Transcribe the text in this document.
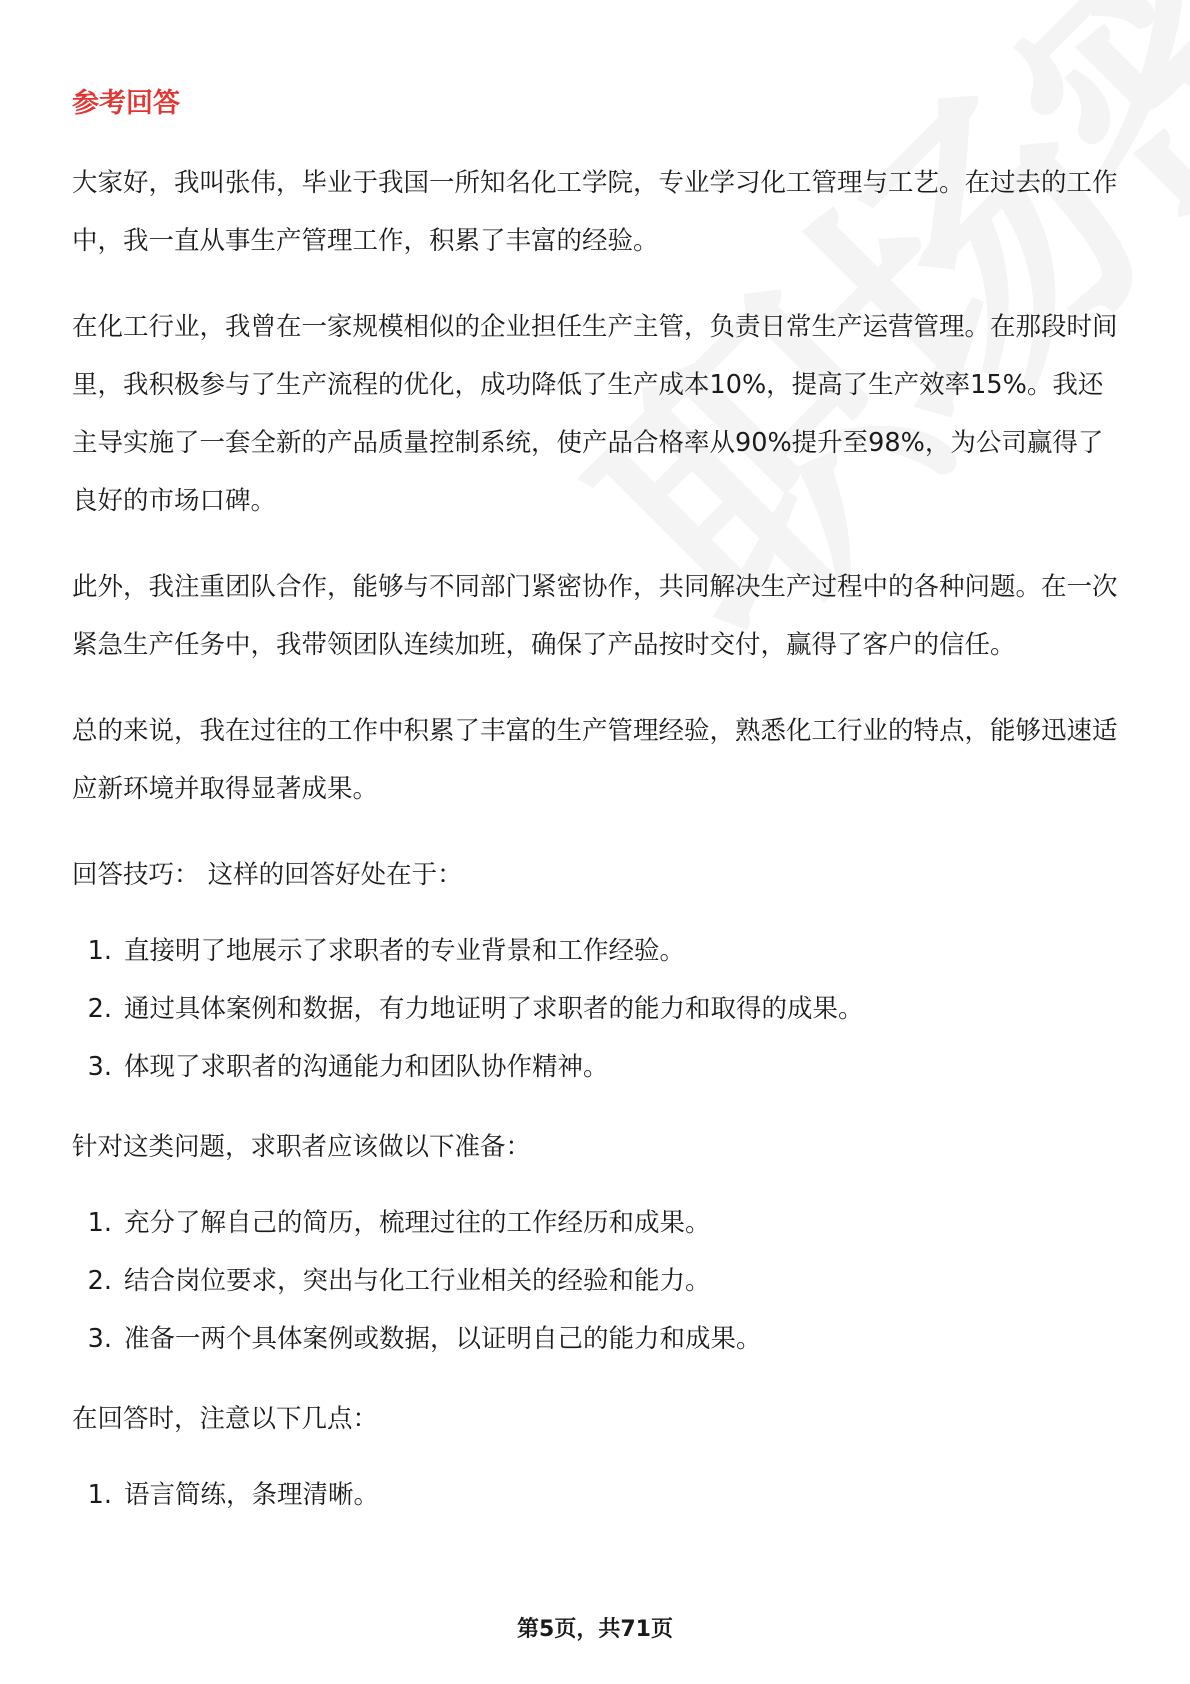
参考回答

大家好，我叫张伟，毕业于我国一所知名化工学院，专业学习化工管理与工艺。在过去的工作中，我一直从事生产管理工作，积累了丰富的经验。

在化工行业，我曾在一家规模相似的企业担任生产主管，负责日常生产运营管理。在那段时间里，我积极参与了生产流程的优化，成功降低了生产成本10%，提高了生产效率15%。我还主导实施了一套全新的产品质量控制系统，使产品合格率从90%提升至98%，为公司赢得了良好的市场口碑。

此外，我注重团队合作，能够与不同部门紧密协作，共同解决生产过程中的各种问题。在一次紧急生产任务中，我带领团队连续加班，确保了产品按时交付，赢得了客户的信任。

总的来说，我在过往的工作中积累了丰富的生产管理经验，熟悉化工行业的特点，能够迅速适应新环境并取得显著成果。

回答技巧： 这样的回答好处在于：
1. 直接明了地展示了求职者的专业背景和工作经验。
2. 通过具体案例和数据，有力地证明了求职者的能力和取得的成果。
3. 体现了求职者的沟通能力和团队协作精神。
针对这类问题，求职者应该做以下准备：
1. 充分了解自己的简历，梳理过往的工作经历和成果。
2. 结合岗位要求，突出与化工行业相关的经验和能力。
3. 准备一两个具体案例或数据，以证明自己的能力和成果。
在回答时，注意以下几点：
1. 语言简练，条理清晰。
第5页，共71页
